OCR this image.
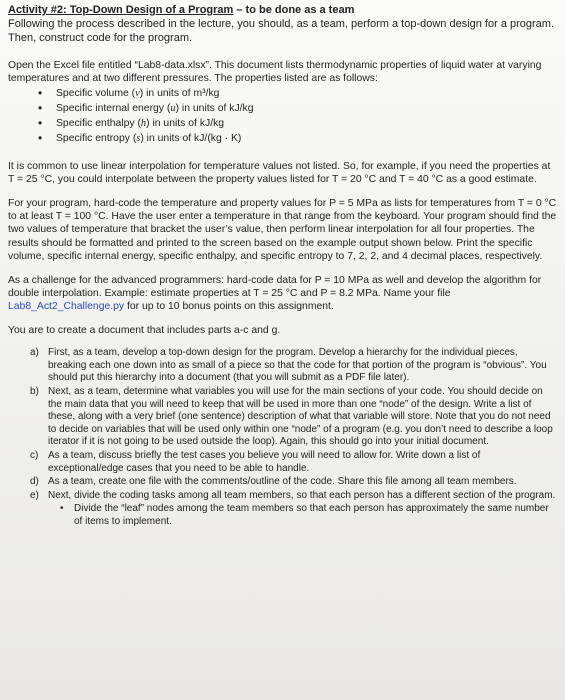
Activity #2: Top-Down Design of a Program – to be done as a team

Following the process described in the lecture, you should, as a team, perform a top-down design for a program. Then, construct code for the program.

Open the Excel file entitled “Lab8-data.xlsx”. This document lists thermodynamic properties of liquid water at varying temperatures and at two different pressures. The properties listed are as follows:

• Specific volume (v) in units of m³/kg
• Specific internal energy (u) in units of kJ/kg
• Specific enthalpy (h) in units of kJ/kg
• Specific entropy (s) in units of kJ/(kg · K)

It is common to use linear interpolation for temperature values not listed. So, for example, if you need the properties at T = 25 °C, you could interpolate between the property values listed for T = 20 °C and T = 40 °C as a good estimate.

For your program, hard-code the temperature and property values for P = 5 MPa as lists for temperatures from T = 0 °C to at least T = 100 °C. Have the user enter a temperature in that range from the keyboard. Your program should find the two values of temperature that bracket the user’s value, then perform linear interpolation for all four properties. The results should be formatted and printed to the screen based on the example output shown below. Print the specific volume, specific internal energy, specific enthalpy, and specific entropy to 7, 2, 2, and 4 decimal places, respectively.

As a challenge for the advanced programmers: hard-code data for P = 10 MPa as well and develop the algorithm for double interpolation. Example: estimate properties at T = 25 °C and P = 8.2 MPa. Name your file Lab8_Act2_Challenge.py for up to 10 bonus points on this assignment.

You are to create a document that includes parts a-c and g.

a) First, as a team, develop a top-down design for the program. Develop a hierarchy for the individual pieces, breaking each one down into as small of a piece so that the code for that portion of the program is “obvious”. You should put this hierarchy into a document (that you will submit as a PDF file later).
b) Next, as a team, determine what variables you will use for the main sections of your code. You should decide on the main data that you will need to keep that will be used in more than one “node” of the design. Write a list of these, along with a very brief (one sentence) description of what that variable will store. Note that you do not need to decide on variables that will be used only within one “node” of a program (e.g. you don’t need to describe a loop iterator if it is not going to be used outside the loop). Again, this should go into your initial document.
c) As a team, discuss briefly the test cases you believe you will need to allow for. Write down a list of exceptional/edge cases that you need to be able to handle.
d) As a team, create one file with the comments/outline of the code. Share this file among all team members.
e) Next, divide the coding tasks among all team members, so that each person has a different section of the program.
• Divide the “leaf” nodes among the team members so that each person has approximately the same number of items to implement.
